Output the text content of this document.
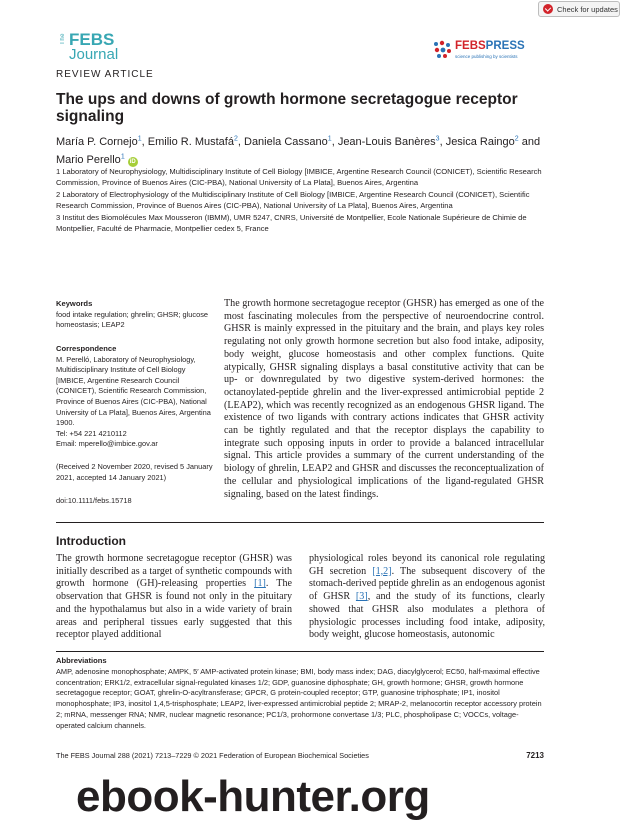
Check for updates
The FEBS
Journal	FEBSPRESS
science publishing by scientists
REVIEW ARTICLE
The ups and downs of growth hormone secretagogue receptor signaling
María P. Cornejo$^1$, Emilio R. Mustafá$^2$, Daniela Cassano$^1$, Jean-Louis Banères$^3$, Jesica Raingo$^2$ and Mario Perello$^1$iD
1 Laboratory of Neurophysiology, Multidisciplinary Institute of Cell Biology [IMBICE, Argentine Research Council (CONICET), Scientific Research Commission, Province of Buenos Aires (CIC-PBA), National University of La Plata], Buenos Aires, Argentina
2 Laboratory of Electrophysiology of the Multidisciplinary Institute of Cell Biology [IMBICE, Argentine Research Council (CONICET), Scientific Research Commission, Province of Buenos Aires (CIC-PBA), National University of La Plata], Buenos Aires, Argentina
3 Institut des Biomolécules Max Mousseron (IBMM), UMR 5247, CNRS, Université de Montpellier, Ecole Nationale Supérieure de Chimie de Montpellier, Faculté de Pharmacie, Montpellier cedex 5, France
Keywords
food intake regulation; ghrelin; GHSR; glucose homeostasis; LEAP2
Correspondence
M. Perelló, Laboratory of Neurophysiology, Multidisciplinary Institute of Cell Biology [IMBICE, Argentine Research Council (CONICET), Scientific Research Commission, Province of Buenos Aires (CIC-PBA), National University of La Plata], Buenos Aires, Argentina 1900.
Tel: +54 221 4210112
Email: mperello@imbice.gov.ar
(Received 2 November 2020, revised 5 January 2021, accepted 14 January 2021)
doi:10.1111/febs.15718
The growth hormone secretagogue receptor (GHSR) has emerged as one of the most fascinating molecules from the perspective of neuroendocrine control. GHSR is mainly expressed in the pituitary and the brain, and plays key roles regulating not only growth hormone secretion but also food intake, adiposity, body weight, glucose homeostasis and other complex functions. Quite atypically, GHSR signaling displays a basal constitutive activity that can be up- or downregulated by two digestive system-derived hormones: the octanoylated-peptide ghrelin and the liver-expressed antimicrobial peptide 2 (LEAP2), which was recently recognized as an endogenous GHSR ligand. The existence of two ligands with contrary actions indicates that GHSR activity can be tightly regulated and that the receptor displays the capability to integrate such opposing inputs in order to provide a balanced intracellular signal. This article provides a summary of the current understanding of the biology of ghrelin, LEAP2 and GHSR and discusses the reconceptualization of the cellular and physiological implications of the ligand-regulated GHSR signaling, based on the latest findings.
Introduction
The growth hormone secretagogue receptor (GHSR) was initially described as a target of synthetic compounds with growth hormone (GH)-releasing properties [1]. The observation that GHSR is found not only in the pituitary and the hypothalamus but also in a wide variety of brain areas and peripheral tissues early suggested that this receptor played additional
physiological roles beyond its canonical role regulating GH secretion [1,2]. The subsequent discovery of the stomach-derived peptide ghrelin as an endogenous agonist of GHSR [3], and the study of its functions, clearly showed that GHSR also modulates a plethora of physiologic processes including food intake, adiposity, body weight, glucose homeostasis, autonomic
Abbreviations
AMP, adenosine monophosphate; AMPK, 5′ AMP-activated protein kinase; BMI, body mass index; DAG, diacylglycerol; EC50, half-maximal effective concentration; ERK1/2, extracellular signal-regulated kinases 1/2; GDP, guanosine diphosphate; GH, growth hormone; GHSR, growth hormone secretagogue receptor; GOAT, ghrelin-O-acyltransferase; GPCR, G protein-coupled receptor; GTP, guanosine triphosphate; IP1, inositol monophosphate; IP3, inositol 1,4,5-trisphosphate; LEAP2, liver-expressed antimicrobial peptide 2; MRAP-2, melanocortin receptor accessory protein 2; mRNA, messenger RNA; NMR, nuclear magnetic resonance; PC1/3, prohormone convertase 1/3; PLC, phospholipase C; VOCCs, voltage-operated calcium channels.
The FEBS Journal 288 (2021) 7213–7229 © 2021 Federation of European Biochemical Societies	7213
ebook-hunter.org
